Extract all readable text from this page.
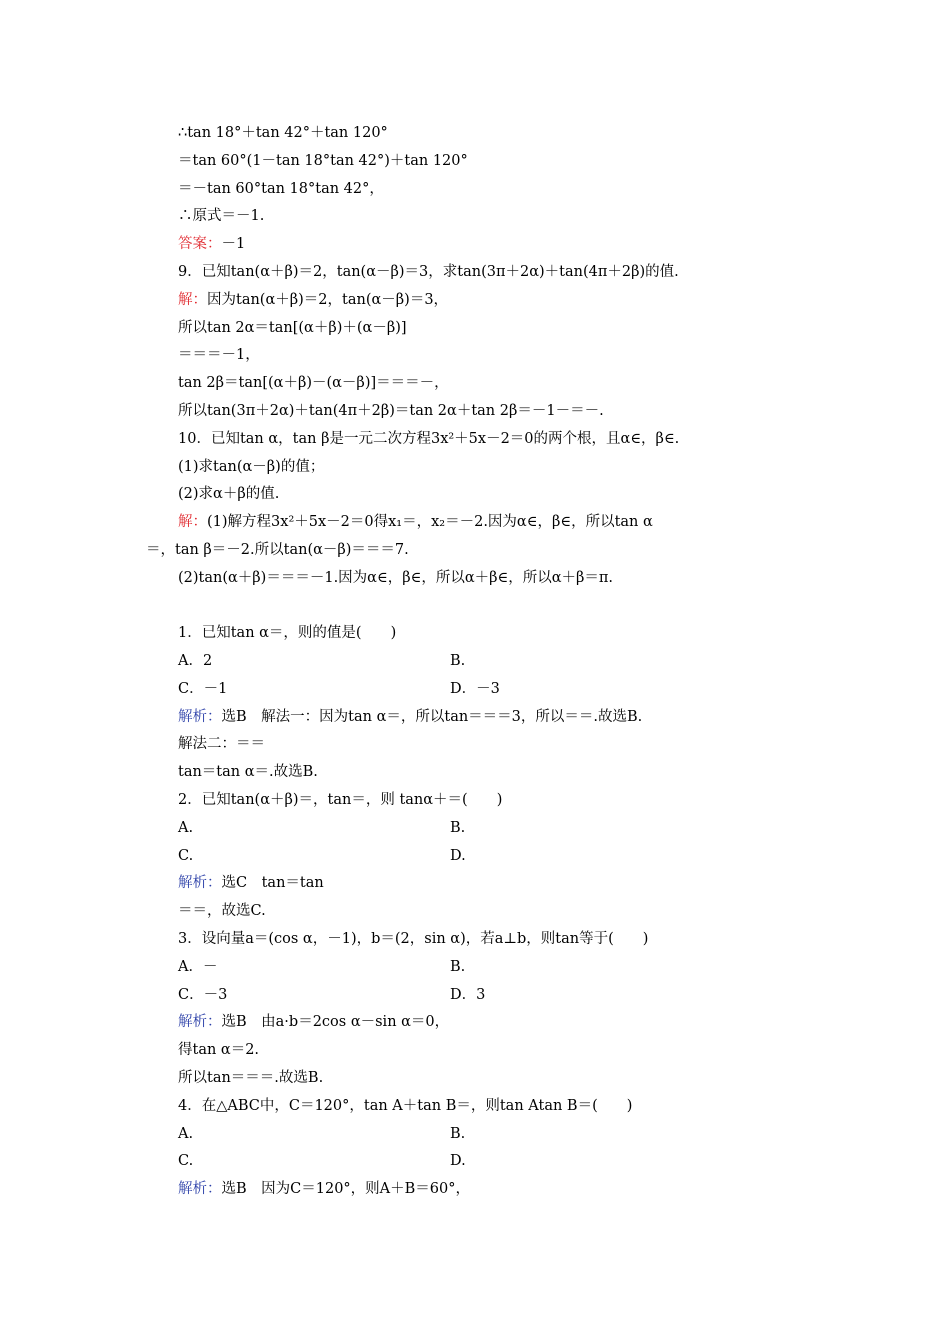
∴tan 18°＋tan 42°＋tan 120°
＝tan 60°(1－tan 18°tan 42°)＋tan 120°
＝－tan 60°tan 18°tan 42°，
∴原式＝－1.
答案：－1
9．已知tan(α＋β)＝2，tan(α－β)＝3，求tan(3π＋2α)＋tan(4π＋2β)的值.
解：因为tan(α＋β)＝2，tan(α－β)＝3，
所以tan 2α＝tan[(α＋β)＋(α－β)]
＝＝＝－1，
tan 2β＝tan[(α＋β)－(α－β)]＝＝＝－，
所以tan(3π＋2α)＋tan(4π＋2β)＝tan 2α＋tan 2β＝－1－＝－.
10．已知tan α，tan β是一元二次方程3x²＋5x－2＝0的两个根，且α∈，β∈.
(1)求tan(α－β)的值；
(2)求α＋β的值.
解：(1)解方程3x²＋5x－2＝0得x₁＝，x₂＝－2.因为α∈，β∈，所以tan α
＝，tan β＝－2.所以tan(α－β)＝＝＝7.
(2)tan(α＋β)＝＝＝－1.因为α∈，β∈，所以α＋β∈，所以α＋β＝π.
1．已知tan α＝，则的值是(　　)
A．2	B.
C．－1	D．－3
解析：选B　解法一：因为tan α＝，所以tan＝＝＝3，所以＝＝.故选B.
解法二：＝＝
tan＝tan α＝.故选B.
2．已知tan(α＋β)＝，tan＝，则 tanα＋＝(　　)
A.	B.
C.	D.
解析：选C　tan＝tan
＝＝，故选C.
3．设向量a＝(cos α，－1)，b＝(2，sin α)，若a⊥b，则tan等于(　　)
A．－	B.
C．－3	D．3
解析：选B　由a·b＝2cos α－sin α＝0，
得tan α＝2.
所以tan＝＝＝.故选B.
4．在△ABC中，C＝120°，tan A＋tan B＝，则tan Atan B＝(　　)
A.	B.
C.	D.
解析：选B　因为C＝120°，则A＋B＝60°，
